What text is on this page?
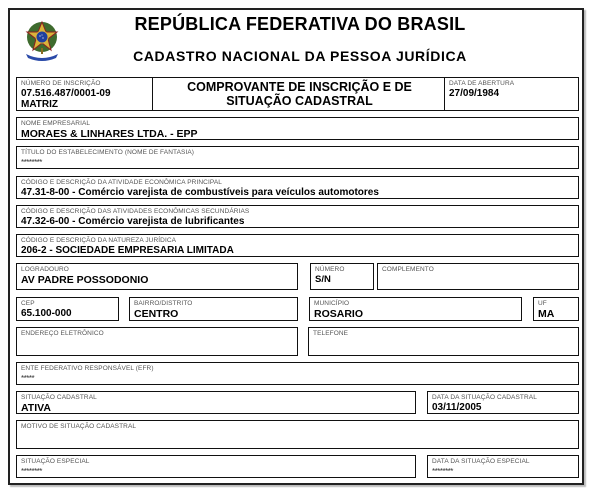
REPÚBLICA FEDERATIVA DO BRASIL
CADASTRO NACIONAL DA PESSOA JURÍDICA
NÚMERO DE INSCRIÇÃO
07.516.487/0001-09
MATRIZ
COMPROVANTE DE INSCRIÇÃO E DE SITUAÇÃO CADASTRAL
DATA DE ABERTURA
27/09/1984
NOME EMPRESARIAL
MORAES & LINHARES LTDA. - EPP
TÍTULO DO ESTABELECIMENTO (NOME DE FANTASIA)
********
CÓDIGO E DESCRIÇÃO DA ATIVIDADE ECONÔMICA PRINCIPAL
47.31-8-00 - Comércio varejista de combustíveis para veículos automotores
CÓDIGO E DESCRIÇÃO DAS ATIVIDADES ECONÔMICAS SECUNDÁRIAS
47.32-6-00 - Comércio varejista de lubrificantes
CÓDIGO E DESCRIÇÃO DA NATUREZA JURÍDICA
206-2 - SOCIEDADE EMPRESARIA LIMITADA
LOGRADOURO
AV PADRE POSSODONIO
NÚMERO
S/N
COMPLEMENTO
CEP
65.100-000
BAIRRO/DISTRITO
CENTRO
MUNICÍPIO
ROSARIO
UF
MA
ENDEREÇO ELETRÔNICO	TELEFONE
ENTE FEDERATIVO RESPONSÁVEL (EFR)
*****
SITUAÇÃO CADASTRAL
ATIVA
DATA DA SITUAÇÃO CADASTRAL
03/11/2005
MOTIVO DE SITUAÇÃO CADASTRAL
SITUAÇÃO ESPECIAL
********
DATA DA SITUAÇÃO ESPECIAL
********
